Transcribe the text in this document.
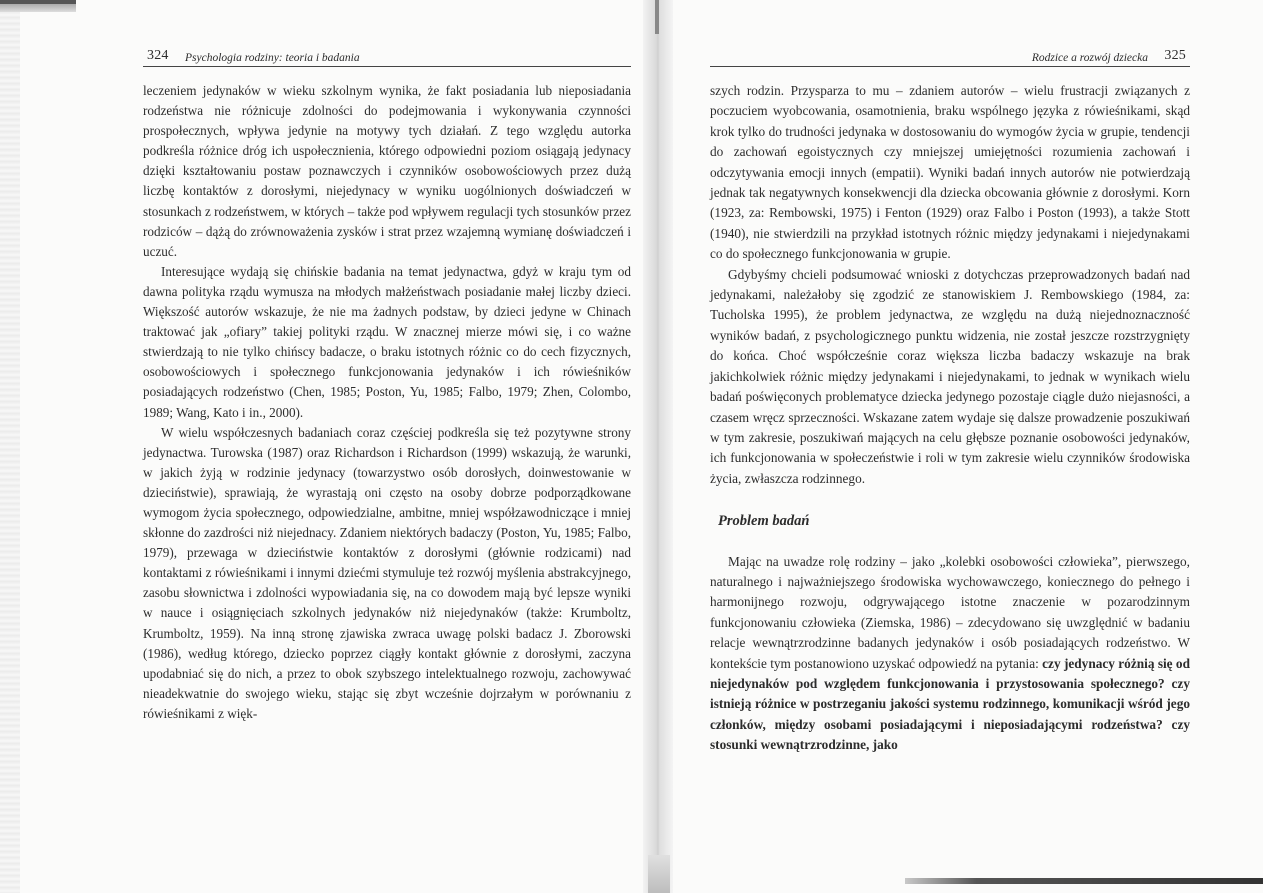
324 Psychologia rodziny: teoria i badania

leczeniem jedynaków w wieku szkolnym wynika, że fakt posiadania lub nieposiadania rodzeństwa nie różnicuje zdolności do podejmowania i wykonywania czynności prospołecznych, wpływa jedynie na motywy tych działań. Z tego względu autorka podkreśla różnice dróg ich uspołecznienia, którego odpowiedni poziom osiągają jedynacy dzięki kształtowaniu postaw poznawczych i czynników osobowościowych przez dużą liczbę kontaktów z dorosłymi, niejedynacy w wyniku uogólnionych doświadczeń w stosunkach z rodzeństwem, w których – także pod wpływem regulacji tych stosunków przez rodziców – dążą do zrównoważenia zysków i strat przez wzajemną wymianę doświadczeń i uczuć.

Interesujące wydają się chińskie badania na temat jedynactwa, gdyż w kraju tym od dawna polityka rządu wymusza na młodych małżeństwach posiadanie małej liczby dzieci. Większość autorów wskazuje, że nie ma żadnych podstaw, by dzieci jedyne w Chinach traktować jak „ofiary” takiej polityki rządu. W znacznej mierze mówi się, i co ważne stwierdzają to nie tylko chińscy badacze, o braku istotnych różnic co do cech fizycznych, osobowościowych i społecznego funkcjonowania jedynaków i ich rówieśników posiadających rodzeństwo (Chen, 1985; Poston, Yu, 1985; Falbo, 1979; Zhen, Colombo, 1989; Wang, Kato i in., 2000).

W wielu współczesnych badaniach coraz częściej podkreśla się też pozytywne strony jedynactwa. Turowska (1987) oraz Richardson i Richardson (1999) wskazują, że warunki, w jakich żyją w rodzinie jedynacy (towarzystwo osób dorosłych, doinwestowanie w dzieciństwie), sprawiają, że wyrastają oni często na osoby dobrze podporządkowane wymogom życia społecznego, odpowiedzialne, ambitne, mniej współzawodniczące i mniej skłonne do zazdrości niż niejednacy. Zdaniem niektórych badaczy (Poston, Yu, 1985; Falbo, 1979), przewaga w dzieciństwie kontaktów z dorosłymi (głównie rodzicami) nad kontaktami z rówieśnikami i innymi dziećmi stymuluje też rozwój myślenia abstrakcyjnego, zasobu słownictwa i zdolności wypowiadania się, na co dowodem mają być lepsze wyniki w nauce i osiągnięciach szkolnych jedynaków niż niejedynaków (także: Krumboltz, Krumboltz, 1959). Na inną stronę zjawiska zwraca uwagę polski badacz J. Zborowski (1986), według którego, dziecko poprzez ciągły kontakt głównie z dorosłymi, zaczyna upodabniać się do nich, a przez to obok szybszego intelektualnego rozwoju, zachowywać nieadekwatnie do swojego wieku, stając się zbyt wcześnie dojrzałym w porównaniu z rówieśnikami z więk-

Rodzice a rozwój dziecka 325

szych rodzin. Przysparza to mu – zdaniem autorów – wielu frustracji związanych z poczuciem wyobcowania, osamotnienia, braku wspólnego języka z rówieśnikami, skąd krok tylko do trudności jedynaka w dostosowaniu do wymogów życia w grupie, tendencji do zachowań egoistycznych czy mniejszej umiejętności rozumienia zachowań i odczytywania emocji innych (empatii). Wyniki badań innych autorów nie potwierdzają jednak tak negatywnych konsekwencji dla dziecka obcowania głównie z dorosłymi. Korn (1923, za: Rembowski, 1975) i Fenton (1929) oraz Falbo i Poston (1993), a także Stott (1940), nie stwierdzili na przykład istotnych różnic między jedynakami i niejedynakami co do społecznego funkcjonowania w grupie.

Gdybyśmy chcieli podsumować wnioski z dotychczas przeprowadzonych badań nad jedynakami, należałoby się zgodzić ze stanowiskiem J. Rembowskiego (1984, za: Tucholska 1995), że problem jedynactwa, ze względu na dużą niejednoznaczność wyników badań, z psychologicznego punktu widzenia, nie został jeszcze rozstrzygnięty do końca. Choć współcześnie coraz większa liczba badaczy wskazuje na brak jakichkolwiek różnic między jedynakami i niejedynakami, to jednak w wynikach wielu badań poświęconych problematyce dziecka jedynego pozostaje ciągle dużo niejasności, a czasem wręcz sprzeczności. Wskazane zatem wydaje się dalsze prowadzenie poszukiwań w tym zakresie, poszukiwań mających na celu głębsze poznanie osobowości jedynaków, ich funkcjonowania w społeczeństwie i roli w tym zakresie wielu czynników środowiska życia, zwłaszcza rodzinnego.

Problem badań

Mając na uwadze rolę rodziny – jako „kolebki osobowości człowieka”, pierwszego, naturalnego i najważniejszego środowiska wychowawczego, koniecznego do pełnego i harmonijnego rozwoju, odgrywającego istotne znaczenie w pozarodzinnym funkcjonowaniu człowieka (Ziemska, 1986) – zdecydowano się uwzględnić w badaniu relacje wewnątrzrodzinne badanych jedynaków i osób posiadających rodzeństwo. W kontekście tym postanowiono uzyskać odpowiedź na pytania: czy jedynacy różnią się od niejedynaków pod względem funkcjonowania i przystosowania społecznego? czy istnieją różnice w postrzeganiu jakości systemu rodzinnego, komunikacji wśród jego członków, między osobami posiadającymi i nieposiadającymi rodzeństwa? czy stosunki wewnątrzrodzinne, jako
